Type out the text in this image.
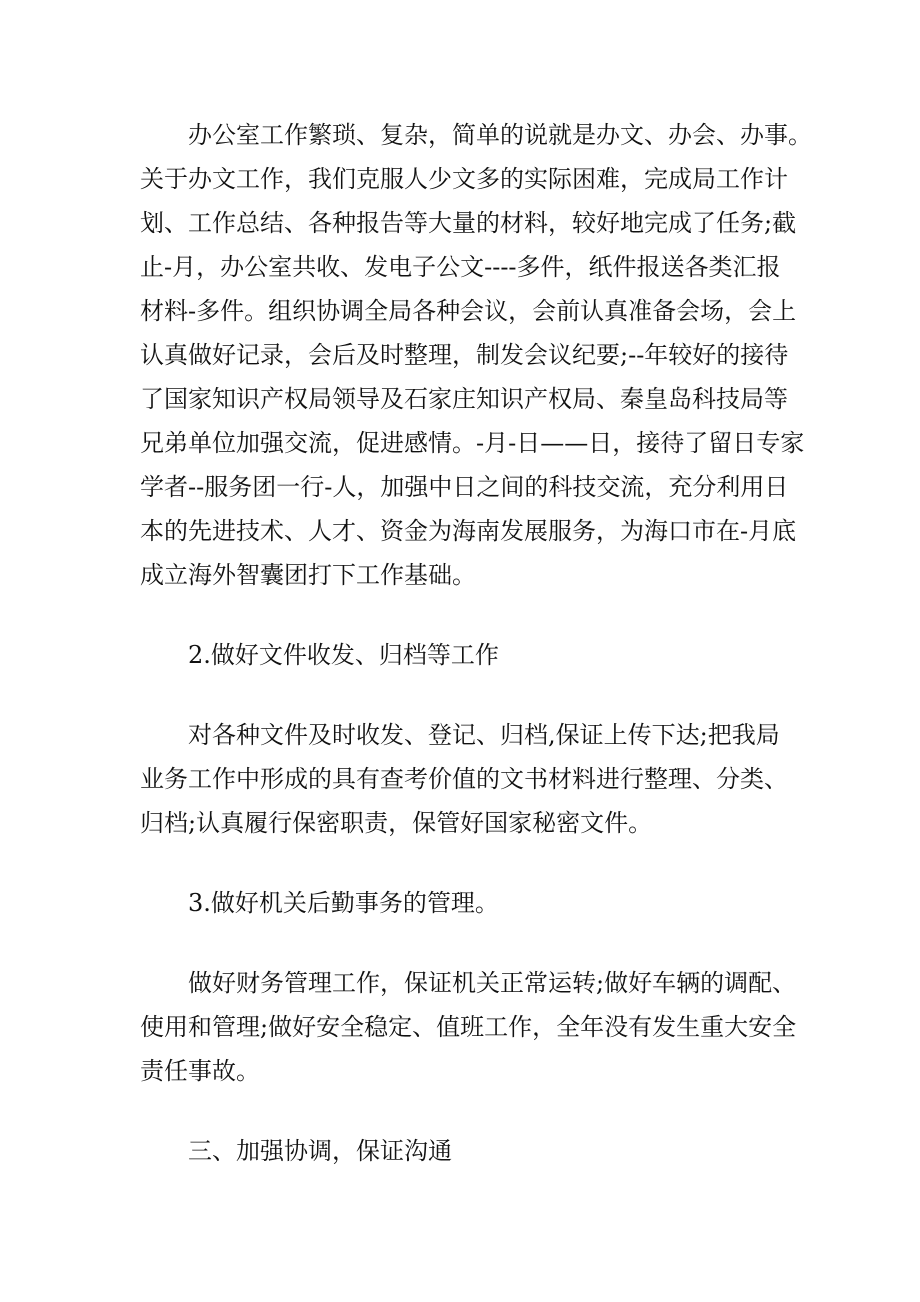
办公室工作繁琐、复杂，简单的说就是办文、办会、办事。
关于办文工作，我们克服人少文多的实际困难，完成局工作计
划、工作总结、各种报告等大量的材料，较好地完成了任务;截
止-月，办公室共收、发电子公文----多件，纸件报送各类汇报
材料-多件。组织协调全局各种会议，会前认真准备会场，会上
认真做好记录，会后及时整理，制发会议纪要;--年较好的接待
了国家知识产权局领导及石家庄知识产权局、秦皇岛科技局等
兄弟单位加强交流，促进感情。-月-日——日，接待了留日专家
学者--服务团一行-人，加强中日之间的科技交流，充分利用日
本的先进技术、人才、资金为海南发展服务，为海口市在-月底
成立海外智囊团打下工作基础。
2.做好文件收发、归档等工作
对各种文件及时收发、登记、归档,保证上传下达;把我局
业务工作中形成的具有查考价值的文书材料进行整理、分类、
归档;认真履行保密职责，保管好国家秘密文件。
3.做好机关后勤事务的管理。
做好财务管理工作，保证机关正常运转;做好车辆的调配、
使用和管理;做好安全稳定、值班工作，全年没有发生重大安全
责任事故。
三、加强协调，保证沟通
